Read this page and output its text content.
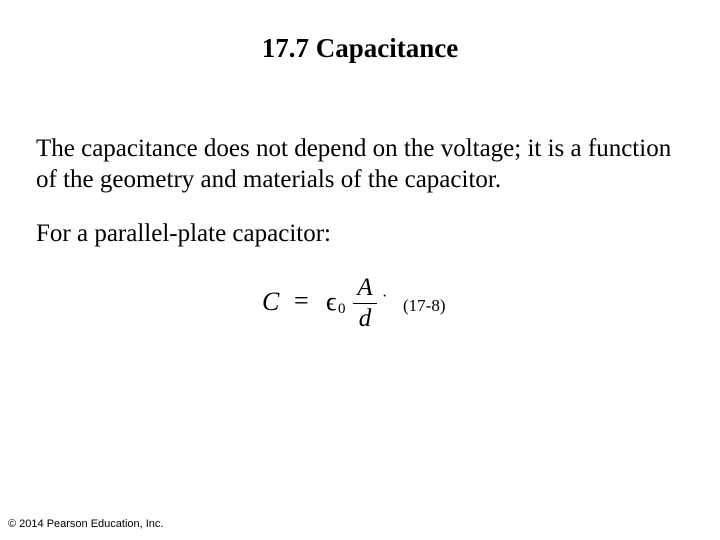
17.7 Capacitance

The capacitance does not depend on the voltage; it is a function of the geometry and materials of the capacitor.

For a parallel-plate capacitor:

C = ϵ 0
A
d
· (17-8)
© 2014 Pearson Education, Inc.
